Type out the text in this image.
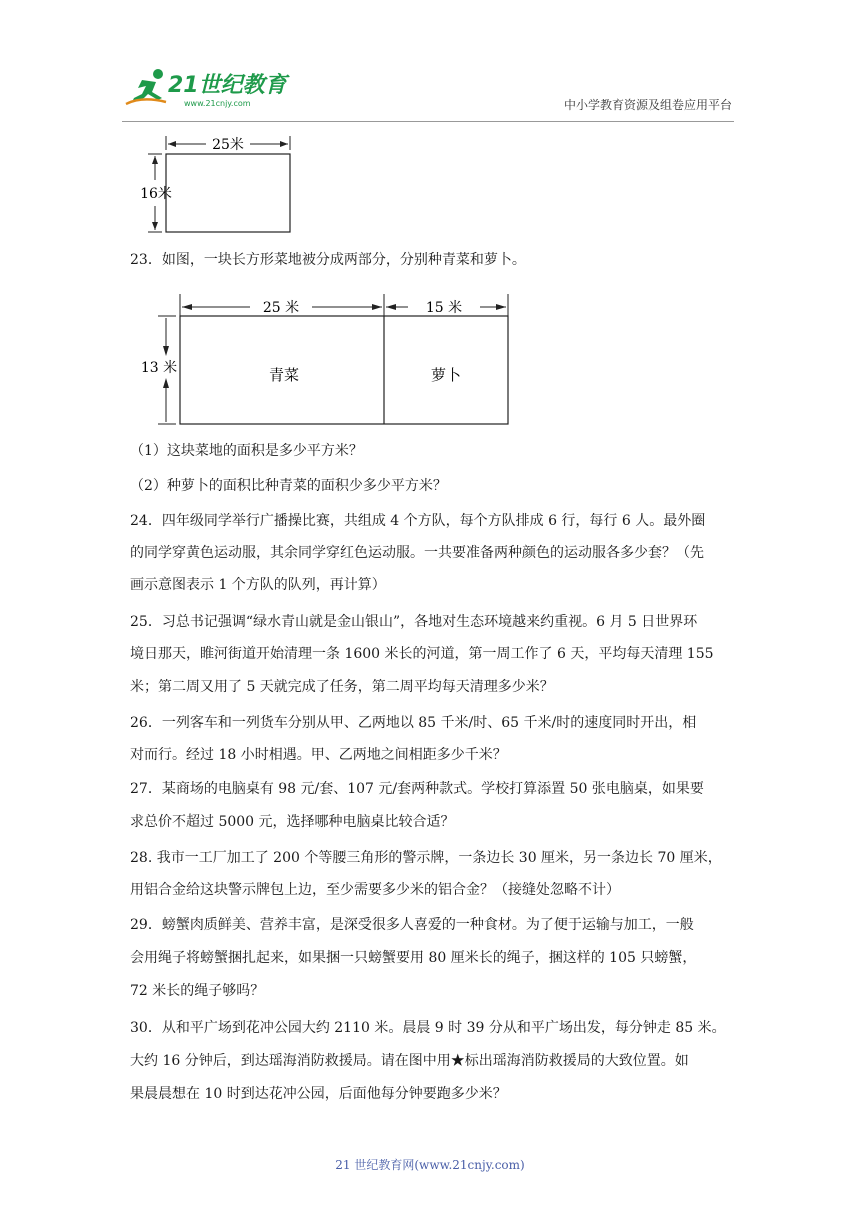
21世纪教育
www.21cnjy.com	中小学教育资源及组卷应用平台
25米
16米
23．如图，一块长方形菜地被分成两部分，分别种青菜和萝卜。
25 米	15 米
13 米	青菜	萝卜
（1）这块菜地的面积是多少平方米？
（2）种萝卜的面积比种青菜的面积少多少平方米？
24．四年级同学举行广播操比赛，共组成 4 个方队，每个方队排成 6 行，每行 6 人。最外圈
的同学穿黄色运动服，其余同学穿红色运动服。一共要准备两种颜色的运动服各多少套？（先
画示意图表示 1 个方队的队列，再计算）
25．习总书记强调“绿水青山就是金山银山”，各地对生态环境越来约重视。6 月 5 日世界环
境日那天，睢河街道开始清理一条 1600 米长的河道，第一周工作了 6 天，平均每天清理 155
米；第二周又用了 5 天就完成了任务，第二周平均每天清理多少米？
26．一列客车和一列货车分别从甲、乙两地以 85 千米/时、65 千米/时的速度同时开出，相
对而行。经过 18 小时相遇。甲、乙两地之间相距多少千米？
27．某商场的电脑桌有 98 元/套、107 元/套两种款式。学校打算添置 50 张电脑桌，如果要
求总价不超过 5000 元，选择哪种电脑桌比较合适？
28. 我市一工厂加工了 200 个等腰三角形的警示牌，一条边长 30 厘米，另一条边长 70 厘米，
用铝合金给这块警示牌包上边，至少需要多少米的铝合金？（接缝处忽略不计）
29．螃蟹肉质鲜美、营养丰富，是深受很多人喜爱的一种食材。为了便于运输与加工，一般
会用绳子将螃蟹捆扎起来，如果捆一只螃蟹要用 80 厘米长的绳子，捆这样的 105 只螃蟹，
72 米长的绳子够吗？
30．从和平广场到花冲公园大约 2110 米。晨晨 9 时 39 分从和平广场出发，每分钟走 85 米。
大约 16 分钟后，到达瑶海消防救援局。请在图中用★标出瑶海消防救援局的大致位置。如
果晨晨想在 10 时到达花冲公园，后面他每分钟要跑多少米？
21 世纪教育网(www.21cnjy.com)
